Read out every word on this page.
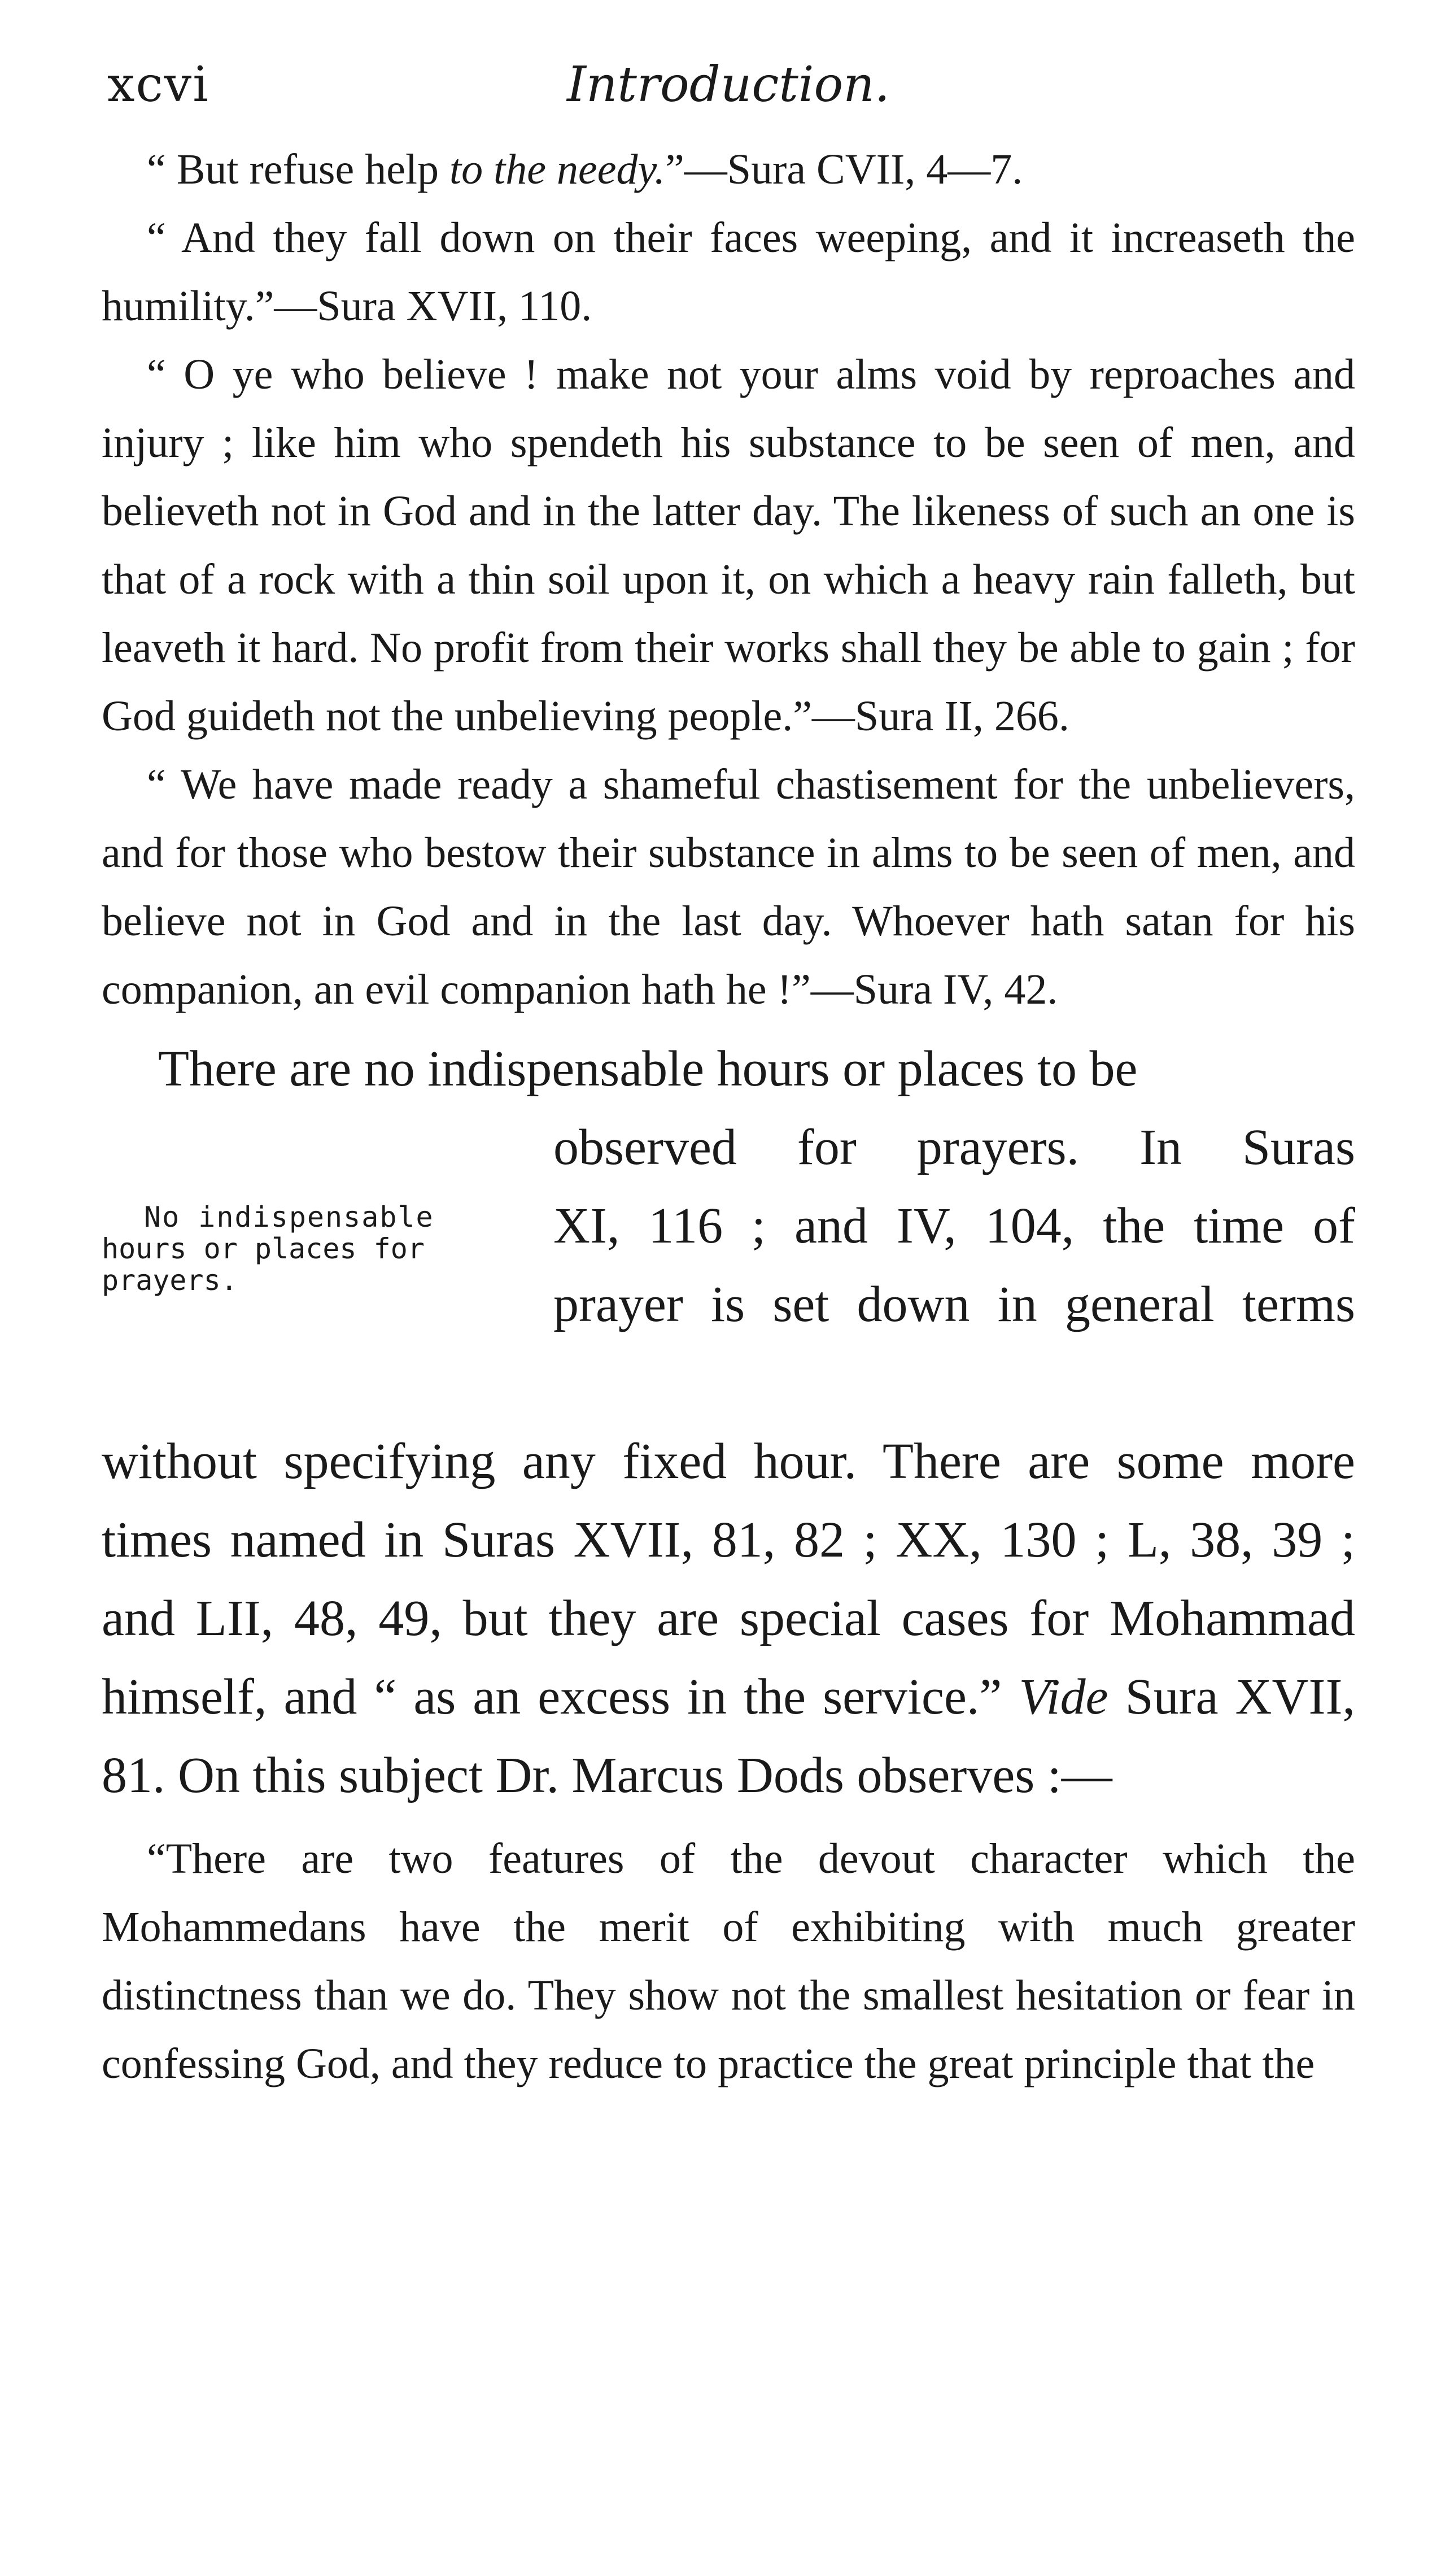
xcvi	Introduction.

“ But refuse help to the needy.”—Sura CVII, 4—7.

“ And they fall down on their faces weeping, and it increaseth the humility.”—Sura XVII, 110.

“ O ye who believe ! make not your alms void by reproaches and injury ; like him who spendeth his substance to be seen of men, and believeth not in God and in the latter day. The likeness of such an one is that of a rock with a thin soil upon it, on which a heavy rain falleth, but leaveth it hard. No profit from their works shall they be able to gain ; for God guideth not the unbelieving people.”—Sura II, 266.

“ We have made ready a shameful chastisement for the unbelievers, and for those who bestow their substance in alms to be seen of men, and believe not in God and in the last day. Whoever hath satan for his companion, an evil companion hath he !”—Sura IV, 42.

There are no indispensable hours or places to be

No indispensable
hours or places for
prayers.
observed for prayers. In Suras
XI, 116 ; and IV, 104, the time of
prayer is set down in general terms

without specifying any fixed hour. There are some more times named in Suras XVII, 81, 82 ; XX, 130 ; L, 38, 39 ; and LII, 48, 49, but they are special cases for Mohammad himself, and “ as an excess in the service.” Vide Sura XVII, 81. On this subject Dr. Marcus Dods observes :—

“There are two features of the devout character which the Mohammedans have the merit of exhibiting with much greater distinctness than we do. They show not the smallest hesitation or fear in confessing God, and they reduce to practice the great principle that the
